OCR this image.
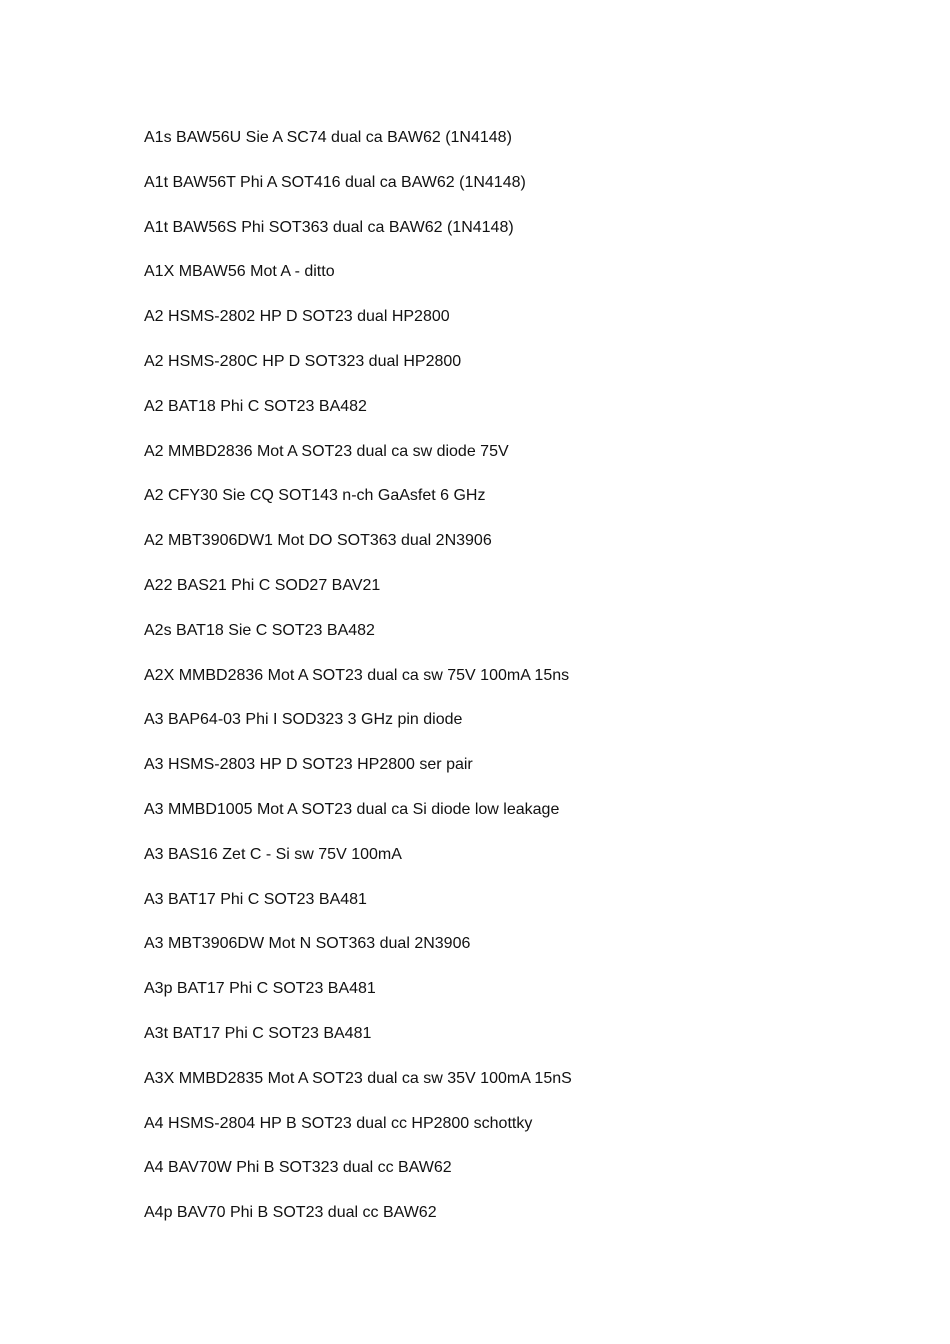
A1s BAW56U Sie A SC74 dual ca BAW62 (1N4148)
A1t BAW56T Phi A SOT416 dual ca BAW62 (1N4148)
A1t BAW56S Phi SOT363 dual ca BAW62 (1N4148)
A1X MBAW56 Mot A - ditto
A2 HSMS-2802 HP D SOT23 dual HP2800
A2 HSMS-280C HP D SOT323 dual HP2800
A2 BAT18 Phi C SOT23 BA482
A2 MMBD2836 Mot A SOT23 dual ca sw diode 75V
A2 CFY30 Sie CQ SOT143 n-ch GaAsfet 6 GHz
A2 MBT3906DW1 Mot DO SOT363 dual 2N3906
A22 BAS21 Phi C SOD27 BAV21
A2s BAT18 Sie C SOT23 BA482
A2X MMBD2836 Mot A SOT23 dual ca sw 75V 100mA 15ns
A3 BAP64-03 Phi I SOD323 3 GHz pin diode
A3 HSMS-2803 HP D SOT23 HP2800 ser pair
A3 MMBD1005 Mot A SOT23 dual ca Si diode low leakage
A3 BAS16 Zet C - Si sw 75V 100mA
A3 BAT17 Phi C SOT23 BA481
A3 MBT3906DW Mot N SOT363 dual 2N3906
A3p BAT17 Phi C SOT23 BA481
A3t BAT17 Phi C SOT23 BA481
A3X MMBD2835 Mot A SOT23 dual ca sw 35V 100mA 15nS
A4 HSMS-2804 HP B SOT23 dual cc HP2800 schottky
A4 BAV70W Phi B SOT323 dual cc BAW62
A4p BAV70 Phi B SOT23 dual cc BAW62
